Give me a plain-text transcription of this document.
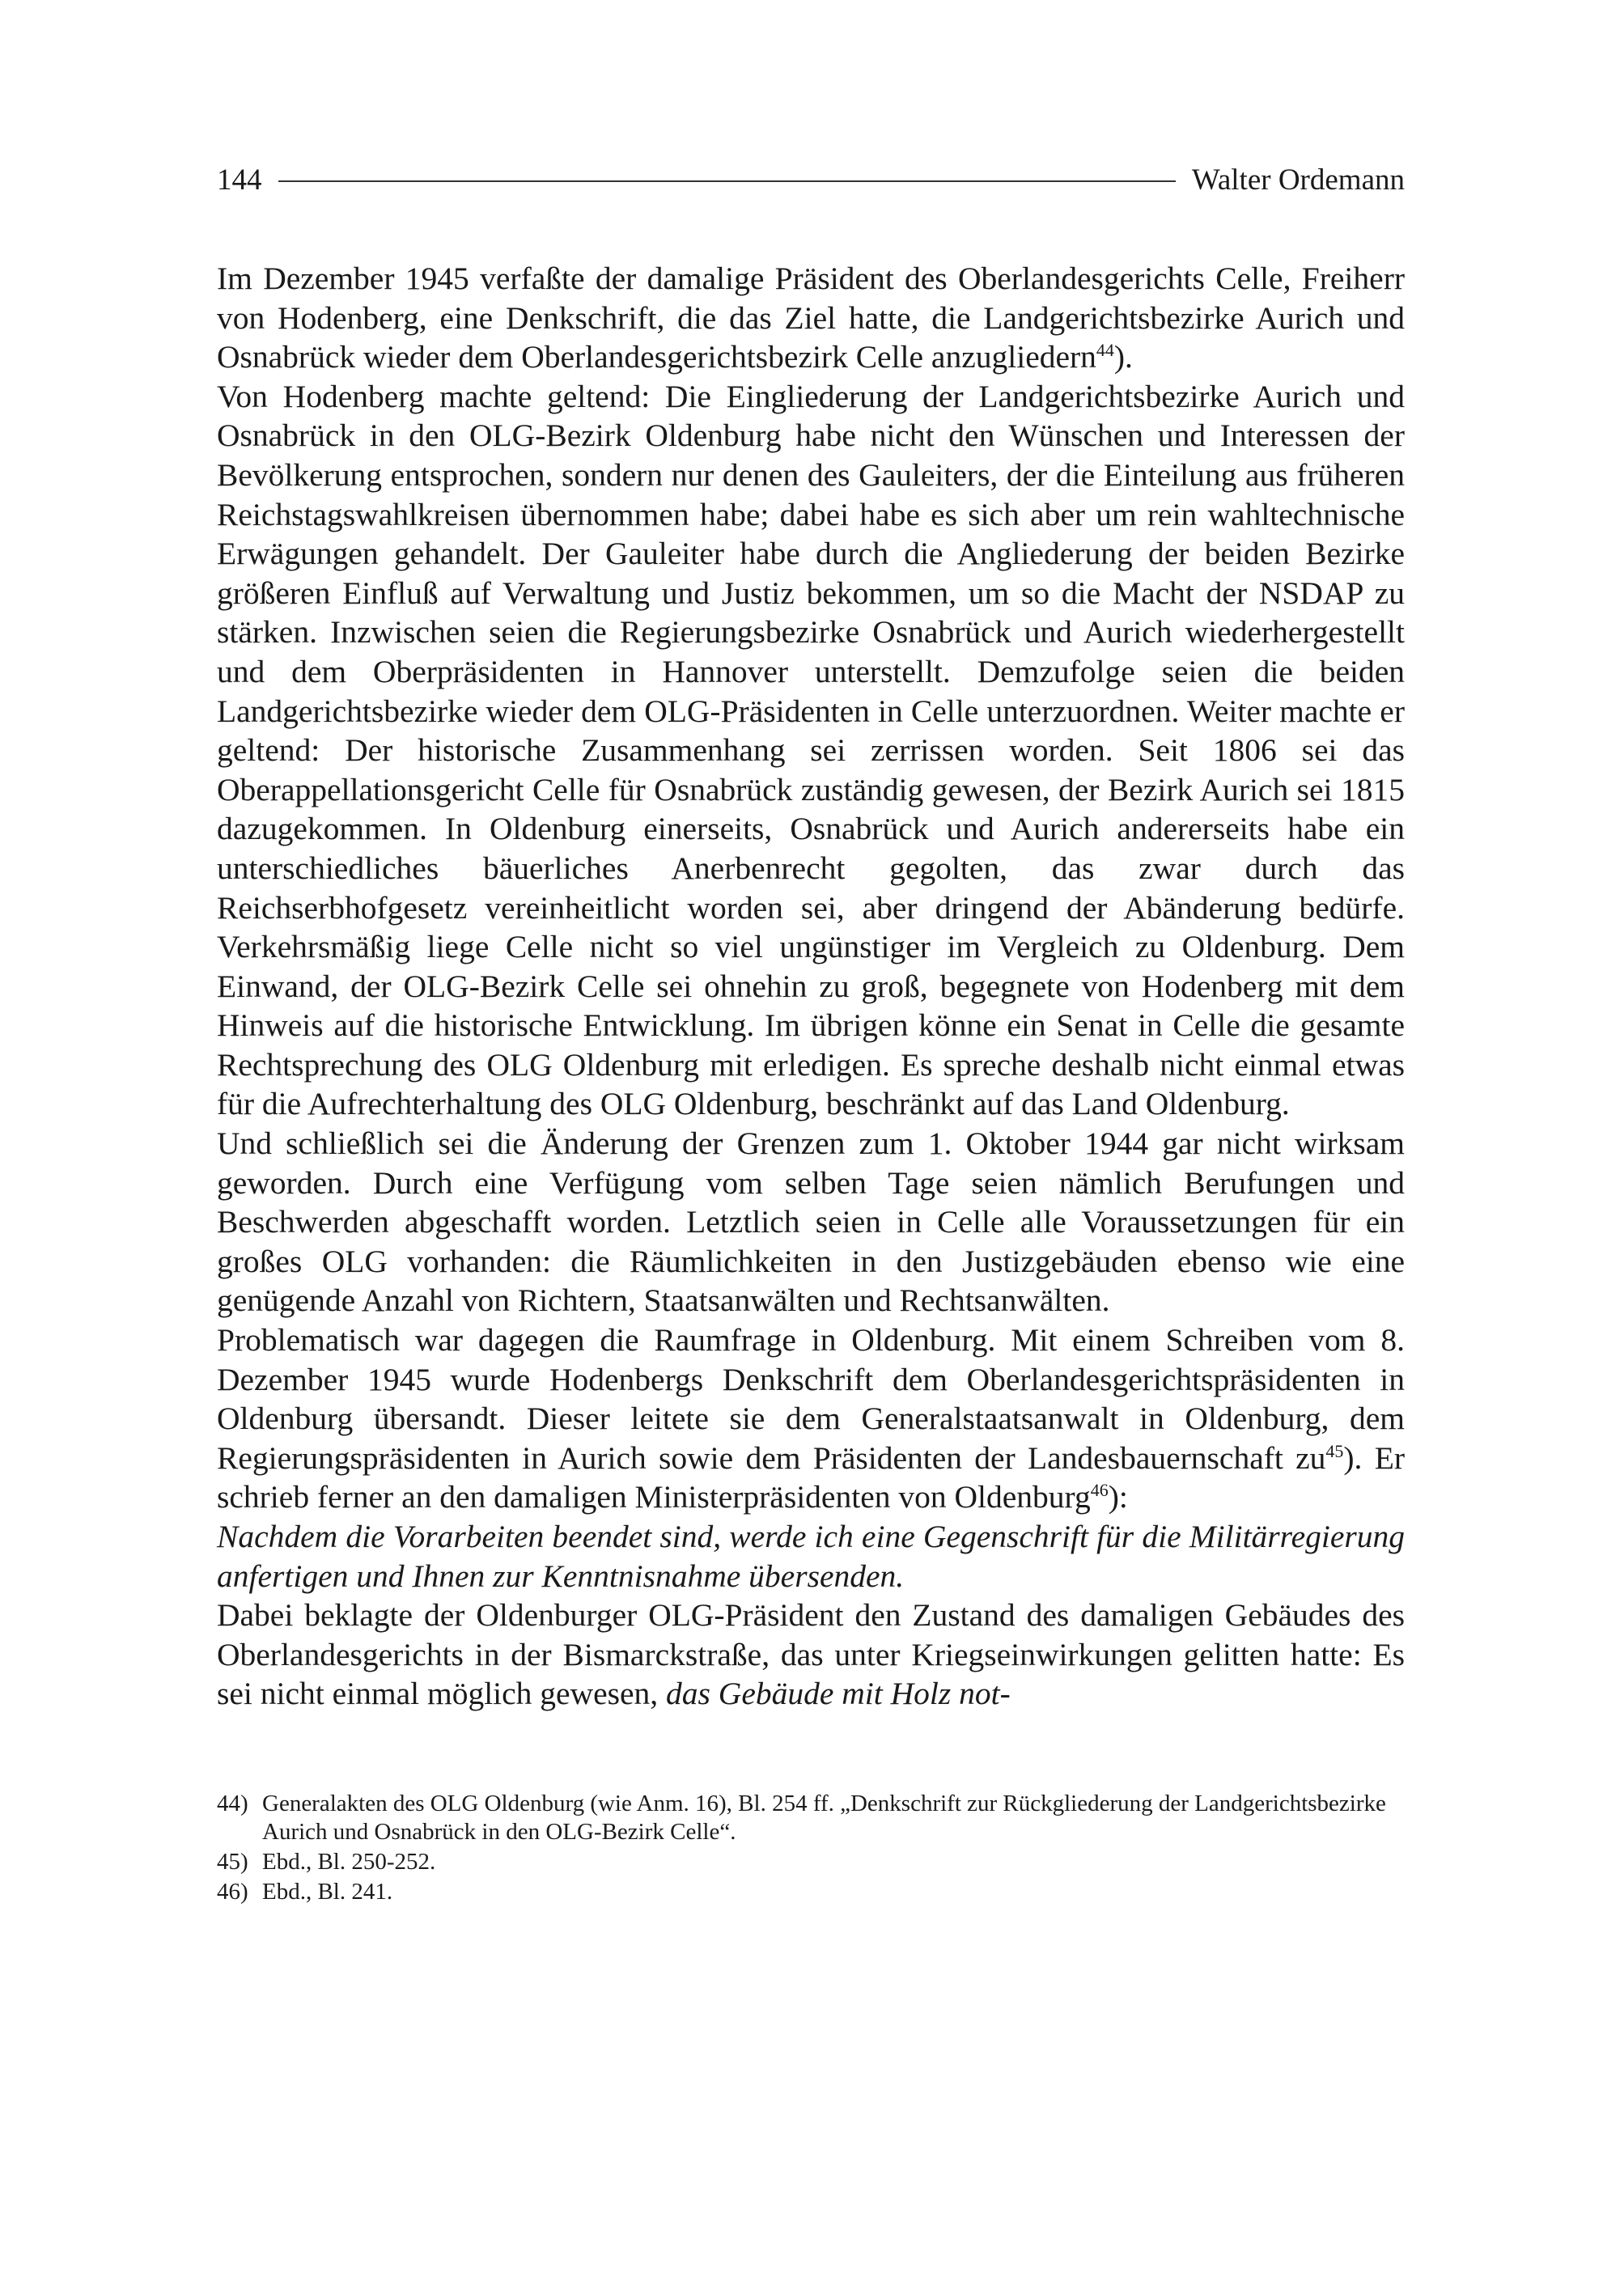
144	Walter Ordemann

Im Dezember 1945 verfaßte der damalige Präsident des Oberlandesgerichts Celle, Freiherr von Hodenberg, eine Denkschrift, die das Ziel hatte, die Landgerichtsbezirke Aurich und Osnabrück wieder dem Oberlandesgerichtsbezirk Celle anzugliedern$^{44}$).

Von Hodenberg machte geltend: Die Eingliederung der Landgerichtsbezirke Aurich und Osnabrück in den OLG-Bezirk Oldenburg habe nicht den Wünschen und Interessen der Bevölkerung entsprochen, sondern nur denen des Gauleiters, der die Einteilung aus früheren Reichstagswahlkreisen übernommen habe; dabei habe es sich aber um rein wahltechnische Erwägungen gehandelt. Der Gauleiter habe durch die Angliederung der beiden Bezirke größeren Einfluß auf Verwaltung und Justiz bekommen, um so die Macht der NSDAP zu stärken. Inzwischen seien die Regierungsbezirke Osnabrück und Aurich wiederhergestellt und dem Oberpräsidenten in Hannover unterstellt. Demzufolge seien die beiden Landgerichtsbezirke wieder dem OLG-Präsidenten in Celle unterzuordnen. Weiter machte er geltend: Der historische Zusammenhang sei zerrissen worden. Seit 1806 sei das Oberappellationsgericht Celle für Osnabrück zuständig gewesen, der Bezirk Aurich sei 1815 dazugekommen. In Oldenburg einerseits, Osnabrück und Aurich andererseits habe ein unterschiedliches bäuerliches Anerbenrecht gegolten, das zwar durch das Reichserbhofgesetz vereinheitlicht worden sei, aber dringend der Abänderung bedürfe. Verkehrsmäßig liege Celle nicht so viel ungünstiger im Vergleich zu Oldenburg. Dem Einwand, der OLG-Bezirk Celle sei ohnehin zu groß, begegnete von Hodenberg mit dem Hinweis auf die historische Entwicklung. Im übrigen könne ein Senat in Celle die gesamte Rechtsprechung des OLG Oldenburg mit erledigen. Es spreche deshalb nicht einmal etwas für die Aufrechterhaltung des OLG Oldenburg, beschränkt auf das Land Oldenburg.

Und schließlich sei die Änderung der Grenzen zum 1. Oktober 1944 gar nicht wirksam geworden. Durch eine Verfügung vom selben Tage seien nämlich Berufungen und Beschwerden abgeschafft worden. Letztlich seien in Celle alle Voraussetzungen für ein großes OLG vorhanden: die Räumlichkeiten in den Justizgebäuden ebenso wie eine genügende Anzahl von Richtern, Staatsanwälten und Rechtsanwälten.

Problematisch war dagegen die Raumfrage in Oldenburg. Mit einem Schreiben vom 8. Dezember 1945 wurde Hodenbergs Denkschrift dem Oberlandesgerichtspräsidenten in Oldenburg übersandt. Dieser leitete sie dem Generalstaatsanwalt in Oldenburg, dem Regierungspräsidenten in Aurich sowie dem Präsidenten der Landesbauernschaft $zu^{45}$). Er schrieb ferner an den damaligen Ministerpräsidenten von Oldenburg$^{46}$):

Nachdem die Vorarbeiten beendet sind, werde ich eine Gegenschrift für die Militärregierung anfertigen und Ihnen zur Kenntnisnahme übersenden.

Dabei beklagte der Oldenburger OLG-Präsident den Zustand des damaligen Gebäudes des Oberlandesgerichts in der Bismarckstraße, das unter Kriegseinwirkungen gelitten hatte: Es sei nicht einmal möglich gewesen, das Gebäude mit Holz not-

44) Generalakten des OLG Oldenburg (wie Anm. 16), Bl. 254 ff. „Denkschrift zur Rückgliederung der Landgerichtsbezirke Aurich und Osnabrück in den OLG-Bezirk Celle“.
45) Ebd., Bl. 250-252.
46) Ebd., Bl. 241.
